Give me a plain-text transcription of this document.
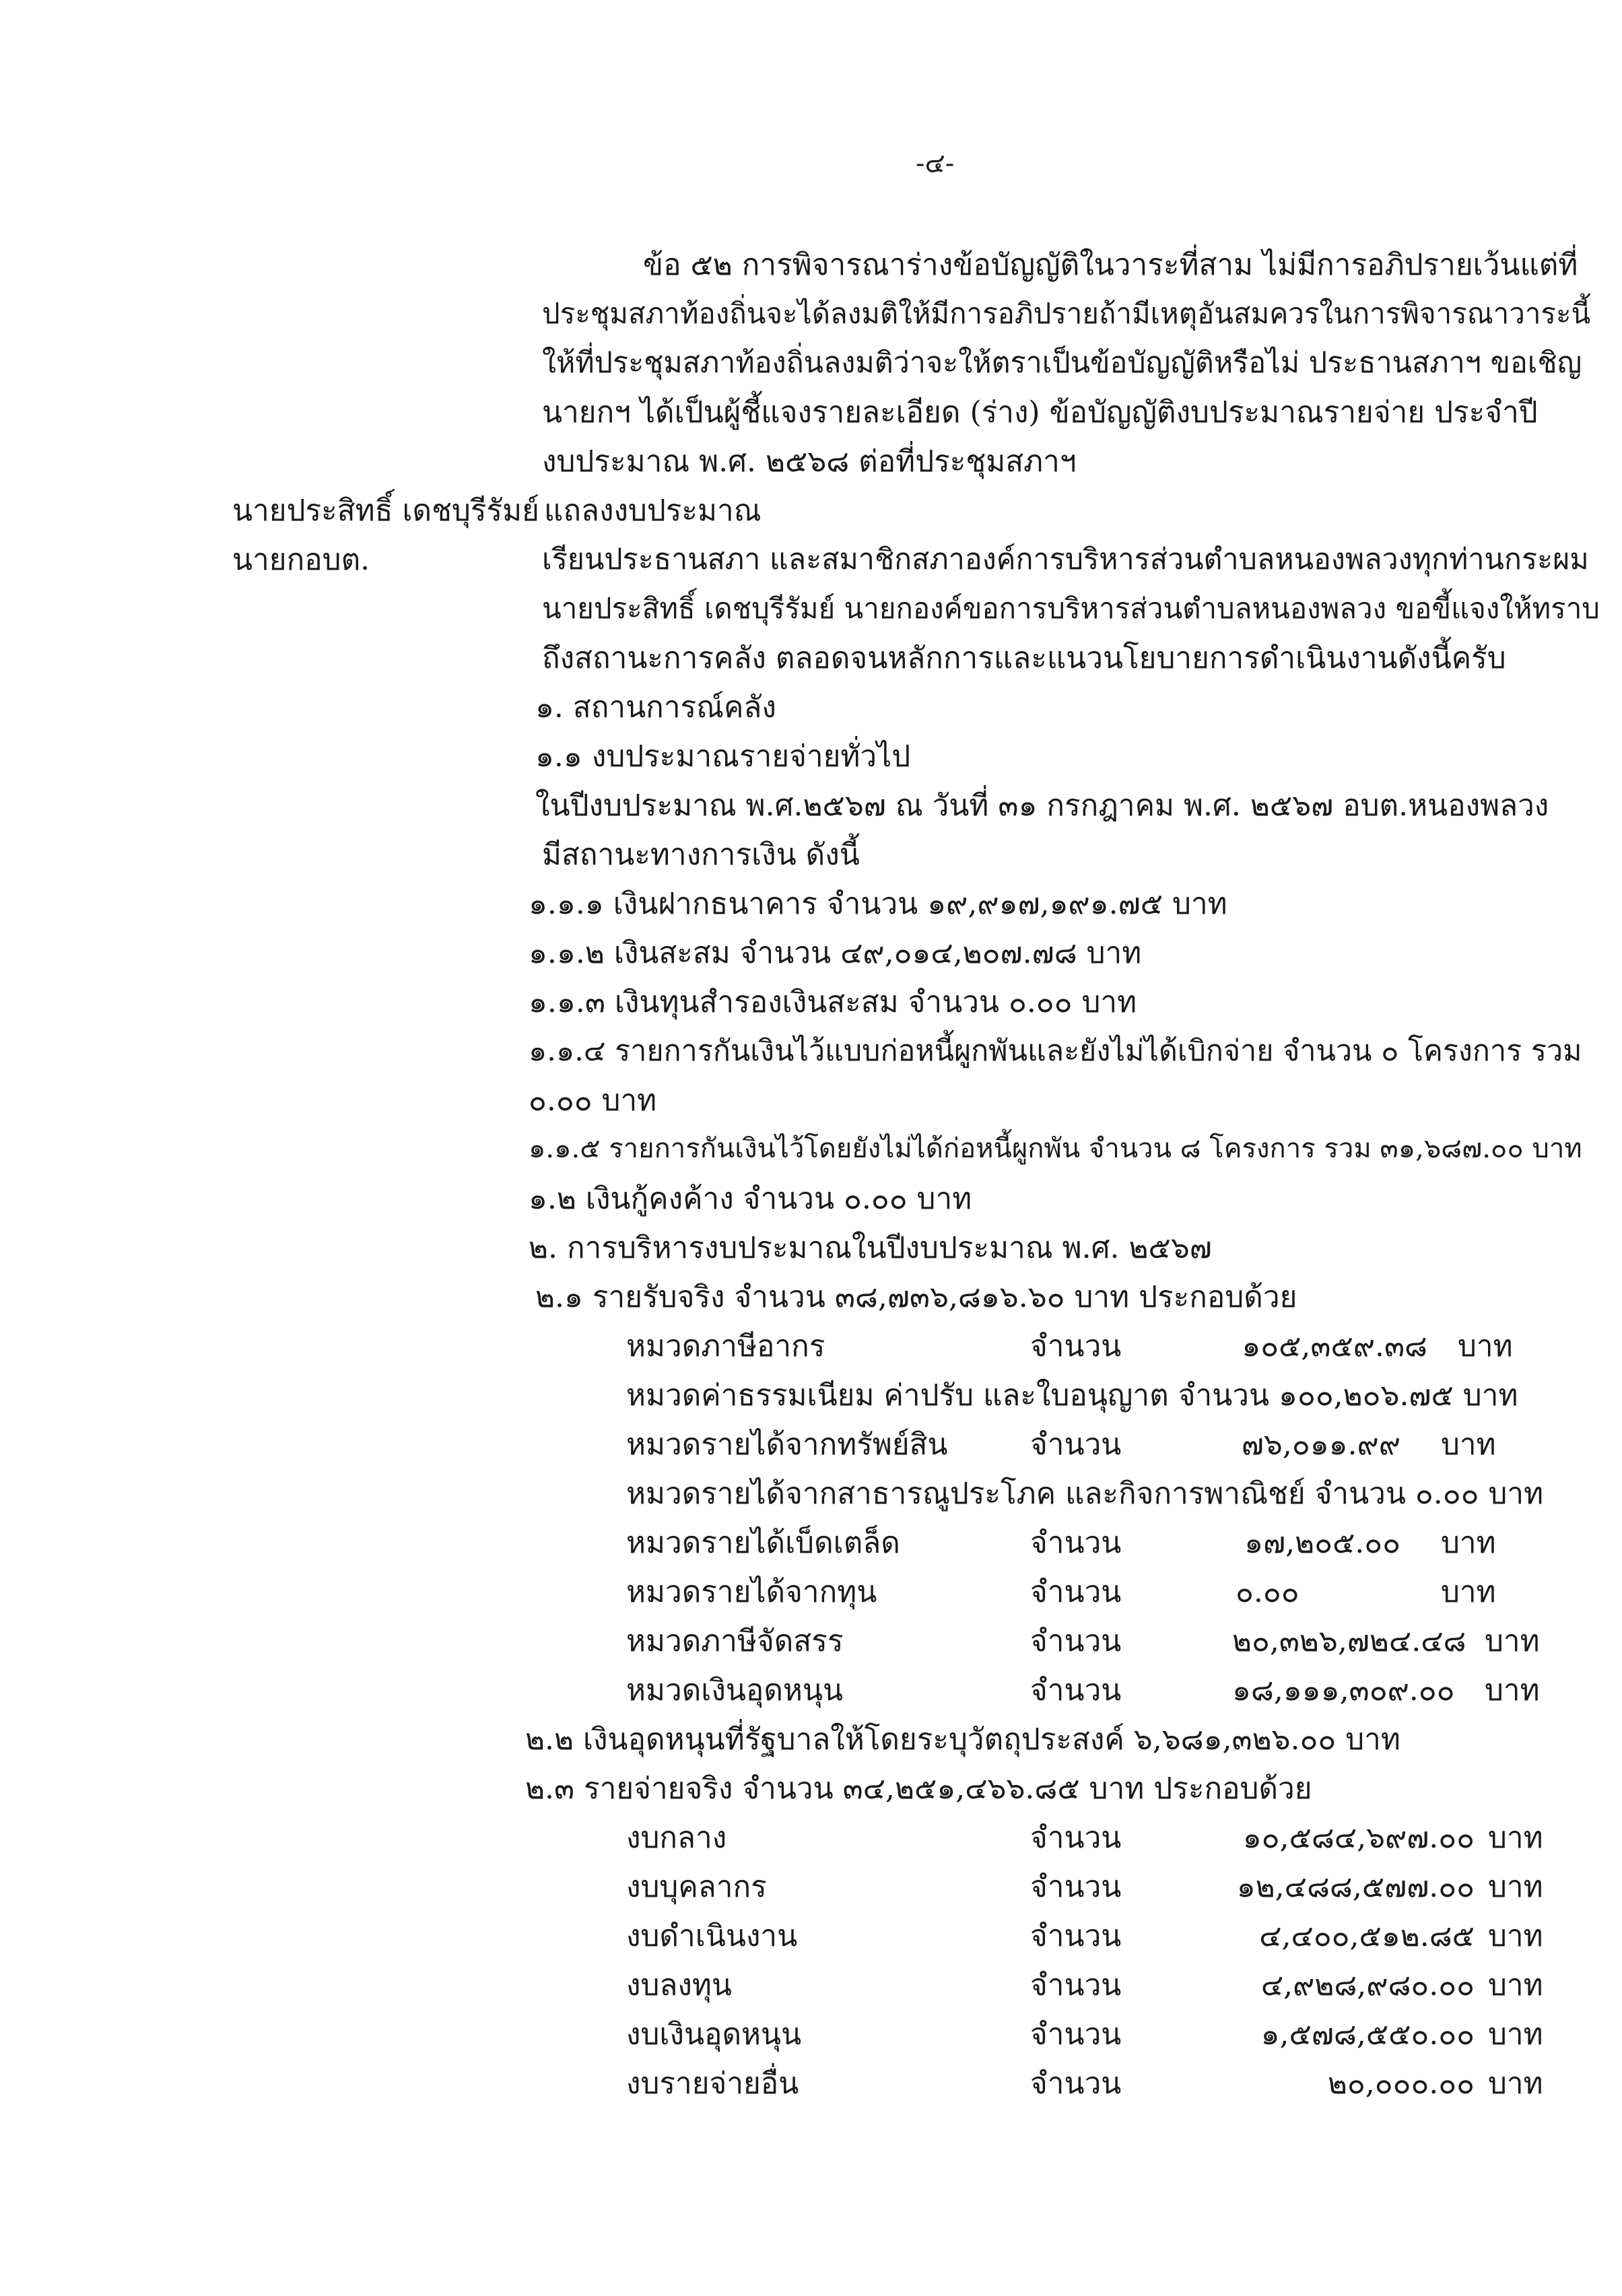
-๔-
ข้อ ๕๒ การพิจารณาร่างข้อบัญญัติในวาระที่สาม ไม่มีการอภิปรายเว้นแต่ที่
ประชุมสภาท้องถิ่นจะได้ลงมติให้มีการอภิปรายถ้ามีเหตุอันสมควรในการพิจารณาวาระนี้
ให้ที่ประชุมสภาท้องถิ่นลงมติว่าจะให้ตราเป็นข้อบัญญัติหรือไม่ ประธานสภาฯ ขอเชิญ
นายกฯ ได้เป็นผู้ชี้แจงรายละเอียด (ร่าง) ข้อบัญญัติงบประมาณรายจ่าย ประจำปี
งบประมาณ พ.ศ. ๒๕๖๘ ต่อที่ประชุมสภาฯ
นายประสิทธิ์ เดชบุรีรัมย์ แถลงงบประมาณ
นายกอบต.	เรียนประธานสภา และสมาชิกสภาองค์การบริหารส่วนตำบลหนองพลวงทุกท่านกระผม
นายประสิทธิ์ เดชบุรีรัมย์ นายกองค์ขอการบริหารส่วนตำบลหนองพลวง ขอขี้แจงให้ทราบ
ถึงสถานะการคลัง ตลอดจนหลักการและแนวนโยบายการดำเนินงานดังนี้ครับ
๑. สถานการณ์คลัง
๑.๑ งบประมาณรายจ่ายทั่วไป
ในปีงบประมาณ พ.ศ.๒๕๖๗ ณ วันที่ ๓๑ กรกฎาคม พ.ศ. ๒๕๖๗ อบต.หนองพลวง
มีสถานะทางการเงิน ดังนี้
๑.๑.๑ เงินฝากธนาคาร จำนวน ๑๙,๙๑๗,๑๙๑.๗๕ บาท
๑.๑.๒ เงินสะสม จำนวน ๔๙,๐๑๔,๒๐๗.๗๘ บาท
๑.๑.๓ เงินทุนสำรองเงินสะสม จำนวน ๐.๐๐ บาท
๑.๑.๔ รายการกันเงินไว้แบบก่อหนี้ผูกพันและยังไม่ได้เบิกจ่าย จำนวน ๐ โครงการ รวม
๐.๐๐ บาท
๑.๑.๕ รายการกันเงินไว้โดยยังไม่ได้ก่อหนี้ผูกพัน จำนวน ๘ โครงการ รวม ๓๑,๖๘๗.๐๐ บาท
๑.๒ เงินกู้คงค้าง จำนวน ๐.๐๐ บาท
๒. การบริหารงบประมาณในปีงบประมาณ พ.ศ. ๒๕๖๗
๒.๑ รายรับจริง จำนวน ๓๘,๗๓๖,๘๑๖.๖๐ บาท ประกอบด้วย
หมวดภาษีอากร	จำนวน	๑๐๕,๓๕๙.๓๘ บาท
หมวดค่าธรรมเนียม ค่าปรับ และใบอนุญาต จำนวน ๑๐๐,๒๐๖.๗๕ บาท
หมวดรายได้จากทรัพย์สิน	จำนวน	๗๖,๐๑๑.๙๙ บาท
หมวดรายได้จากสาธารณูประโภค และกิจการพาณิชย์ จำนวน ๐.๐๐ บาท
หมวดรายได้เบ็ดเตล็ด	จำนวน	๑๗,๒๐๕.๐๐ บาท
หมวดรายได้จากทุน	จำนวน	๐.๐๐	บาท
หมวดภาษีจัดสรร	จำนวน	๒๐,๓๒๖,๗๒๔.๔๘ บาท
หมวดเงินอุดหนุน	จำนวน	๑๘,๑๑๑,๓๐๙.๐๐ บาท
๒.๒ เงินอุดหนุนที่รัฐบาลให้โดยระบุวัตถุประสงค์ ๖,๖๘๑,๓๒๖.๐๐ บาท
๒.๓ รายจ่ายจริง จำนวน ๓๔,๒๕๑,๔๖๖.๘๕ บาท ประกอบด้วย
งบกลาง	จำนวน	๑๐,๕๘๔,๖๙๗.๐๐ บาท
งบบุคลากร	จำนวน	๑๒,๔๘๘,๕๗๗.๐๐ บาท
งบดำเนินงาน	จำนวน	๔,๔๐๐,๕๑๒.๘๕ บาท
งบลงทุน	จำนวน	๔,๙๒๘,๙๘๐.๐๐ บาท
งบเงินอุดหนุน	จำนวน	๑,๕๗๘,๕๕๐.๐๐ บาท
งบรายจ่ายอื่น	จำนวน	๒๐,๐๐๐.๐๐ บาท
